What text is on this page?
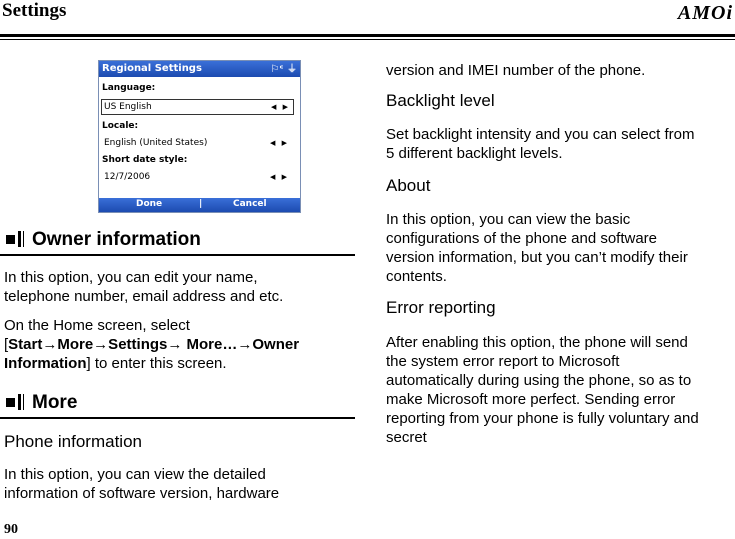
Settings	AMOi
Regional Settings	⚐ᶜ ⏚
Language:
US English	◀ ▶
Locale:
English (United States)	◀ ▶
Short date style:
12/7/2006	◀ ▶
Done	|	Cancel
Owner information

In this option, you can edit your name,

telephone number, email address and etc.

On the Home screen, select

[Start→More→Settings→ More…→Owner

Information] to enter this screen.

More
Phone information

In this option, you can view the detailed

information of software version, hardware

version and IMEI number of the phone.

Backlight level

Set backlight intensity and you can select from

5 different backlight levels.

About

In this option, you can view the basic

configurations of the phone and software

version information, but you can’t modify their

contents.

Error reporting

After enabling this option, the phone will send

the system error report to Microsoft

automatically during using the phone, so as to

make Microsoft more perfect. Sending error

reporting from your phone is fully voluntary and

secret

90
